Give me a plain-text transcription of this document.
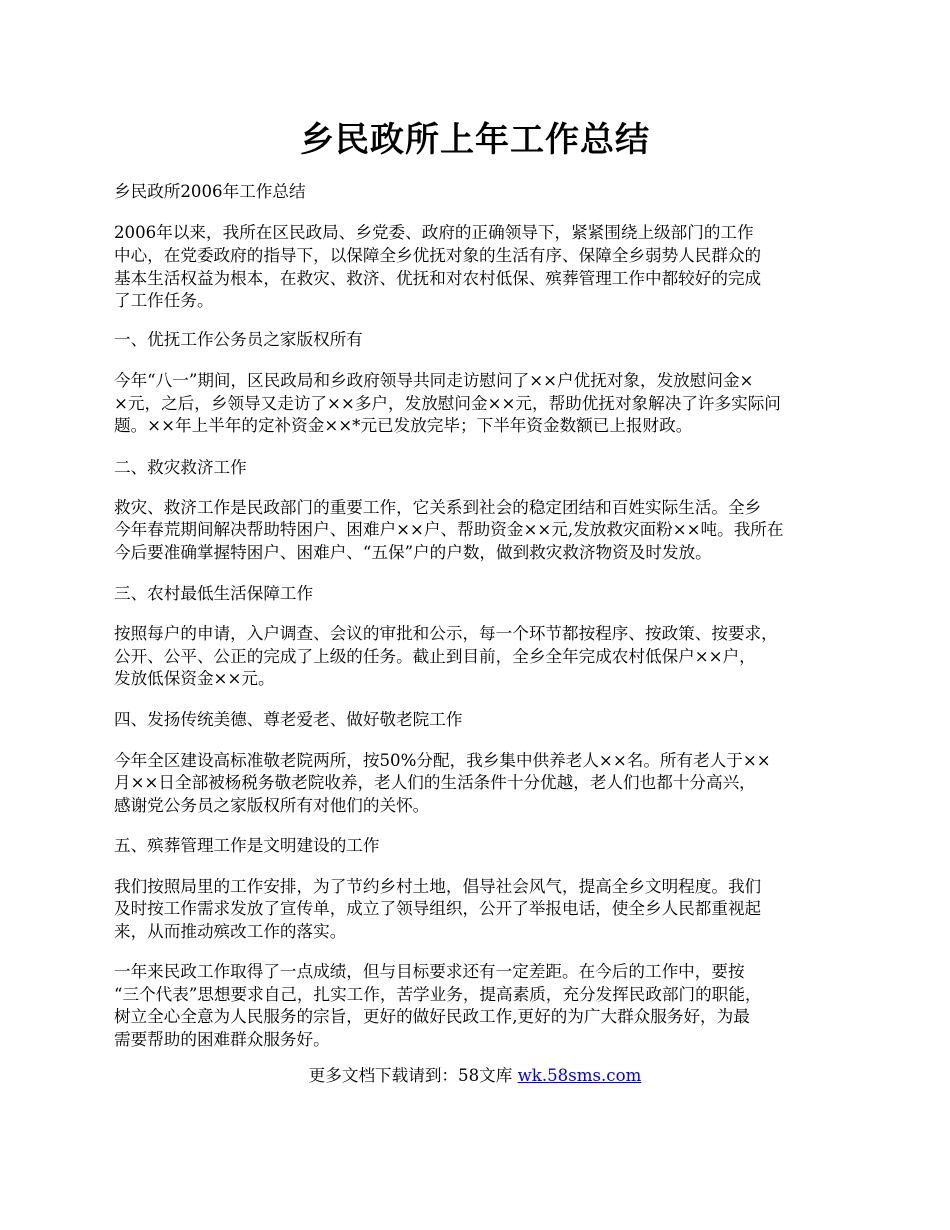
乡民政所上年工作总结

乡民政所2006年工作总结

2006年以来，我所在区民政局、乡党委、政府的正确领导下，紧紧围绕上级部门的工作

中心，在党委政府的指导下，以保障全乡优抚对象的生活有序、保障全乡弱势人民群众的

基本生活权益为根本，在救灾、救济、优抚和对农村低保、殡葬管理工作中都较好的完成

了工作任务。

一、优抚工作公务员之家版权所有

今年“八一”期间，区民政局和乡政府领导共同走访慰问了××户优抚对象，发放慰问金×

×元，之后，乡领导又走访了××多户，发放慰问金××元，帮助优抚对象解决了许多实际问

题。××年上半年的定补资金××*元已发放完毕；下半年资金数额已上报财政。

二、救灾救济工作

救灾、救济工作是民政部门的重要工作，它关系到社会的稳定团结和百姓实际生活。全乡

今年春荒期间解决帮助特困户、困难户××户、帮助资金××元,发放救灾面粉××吨。我所在

今后要准确掌握特困户、困难户、“五保”户的户数，做到救灾救济物资及时发放。

三、农村最低生活保障工作

按照每户的申请，入户调查、会议的审批和公示，每一个环节都按程序、按政策、按要求，

公开、公平、公正的完成了上级的任务。截止到目前，全乡全年完成农村低保户××户，

发放低保资金××元。

四、发扬传统美德、尊老爱老、做好敬老院工作

今年全区建设高标准敬老院两所，按50%分配，我乡集中供养老人××名。所有老人于××

月××日全部被杨税务敬老院收养，老人们的生活条件十分优越，老人们也都十分高兴，

感谢党公务员之家版权所有对他们的关怀。

五、殡葬管理工作是文明建设的工作

我们按照局里的工作安排，为了节约乡村土地，倡导社会风气，提高全乡文明程度。我们

及时按工作需求发放了宣传单，成立了领导组织，公开了举报电话，使全乡人民都重视起

来，从而推动殡改工作的落实。

一年来民政工作取得了一点成绩，但与目标要求还有一定差距。在今后的工作中，要按

“三个代表”思想要求自己，扎实工作，苦学业务，提高素质，充分发挥民政部门的职能，

树立全心全意为人民服务的宗旨，更好的做好民政工作,更好的为广大群众服务好，为最

需要帮助的困难群众服务好。

更多文档下载请到：58文库 wk.58sms.com
